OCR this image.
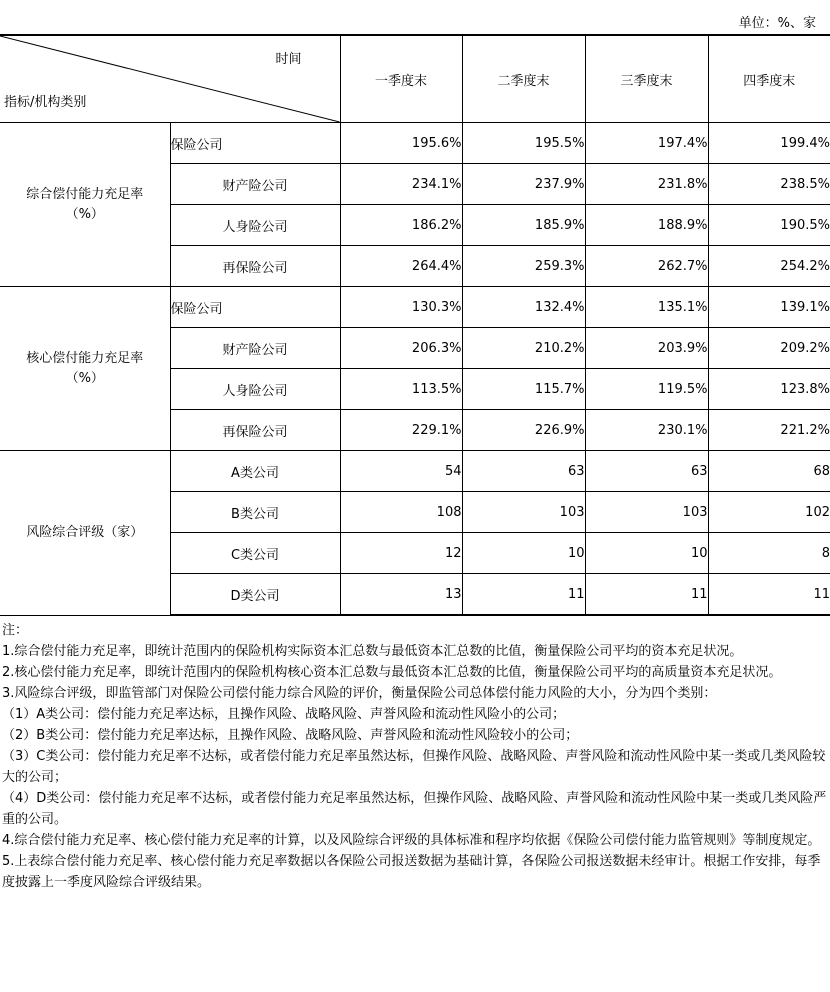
单位：%、家
时间
指标/机构类别		一季度末	二季度末	三季度末	四季度末

综合偿付能力充足率
（%）	保险公司	195.6%	195.5%	197.4%	199.4%
	财产险公司	234.1%	237.9%	231.8%	238.5%
	人身险公司	186.2%	185.9%	188.9%	190.5%
	再保险公司	264.4%	259.3%	262.7%	254.2%

核心偿付能力充足率
（%）	保险公司	130.3%	132.4%	135.1%	139.1%
	财产险公司	206.3%	210.2%	203.9%	209.2%
	人身险公司	113.5%	115.7%	119.5%	123.8%
	再保险公司	229.1%	226.9%	230.1%	221.2%

风险综合评级（家）	A类公司	54	63	63	68
	B类公司	108	103	103	102
	C类公司	12	10	10	8
	D类公司	13	11	11	11
注：
1.综合偿付能力充足率，即统计范围内的保险机构实际资本汇总数与最低资本汇总数的比值，衡量保险公司平均的资本充足状况。
2.核心偿付能力充足率，即统计范围内的保险机构核心资本汇总数与最低资本汇总数的比值，衡量保险公司平均的高质量资本充足状况。
3.风险综合评级，即监管部门对保险公司偿付能力综合风险的评价，衡量保险公司总体偿付能力风险的大小，分为四个类别：
（1）A类公司：偿付能力充足率达标，且操作风险、战略风险、声誉风险和流动性风险小的公司；
（2）B类公司：偿付能力充足率达标，且操作风险、战略风险、声誉风险和流动性风险较小的公司；
（3）C类公司：偿付能力充足率不达标，或者偿付能力充足率虽然达标，但操作风险、战略风险、声誉风险和流动性风险中某一类或几类风险较大的公司；
（4）D类公司：偿付能力充足率不达标，或者偿付能力充足率虽然达标，但操作风险、战略风险、声誉风险和流动性风险中某一类或几类风险严重的公司。
4.综合偿付能力充足率、核心偿付能力充足率的计算，以及风险综合评级的具体标准和程序均依据《保险公司偿付能力监管规则》等制度规定。
5.上表综合偿付能力充足率、核心偿付能力充足率数据以各保险公司报送数据为基础计算，各保险公司报送数据未经审计。根据工作安排，每季度披露上一季度风险综合评级结果。
